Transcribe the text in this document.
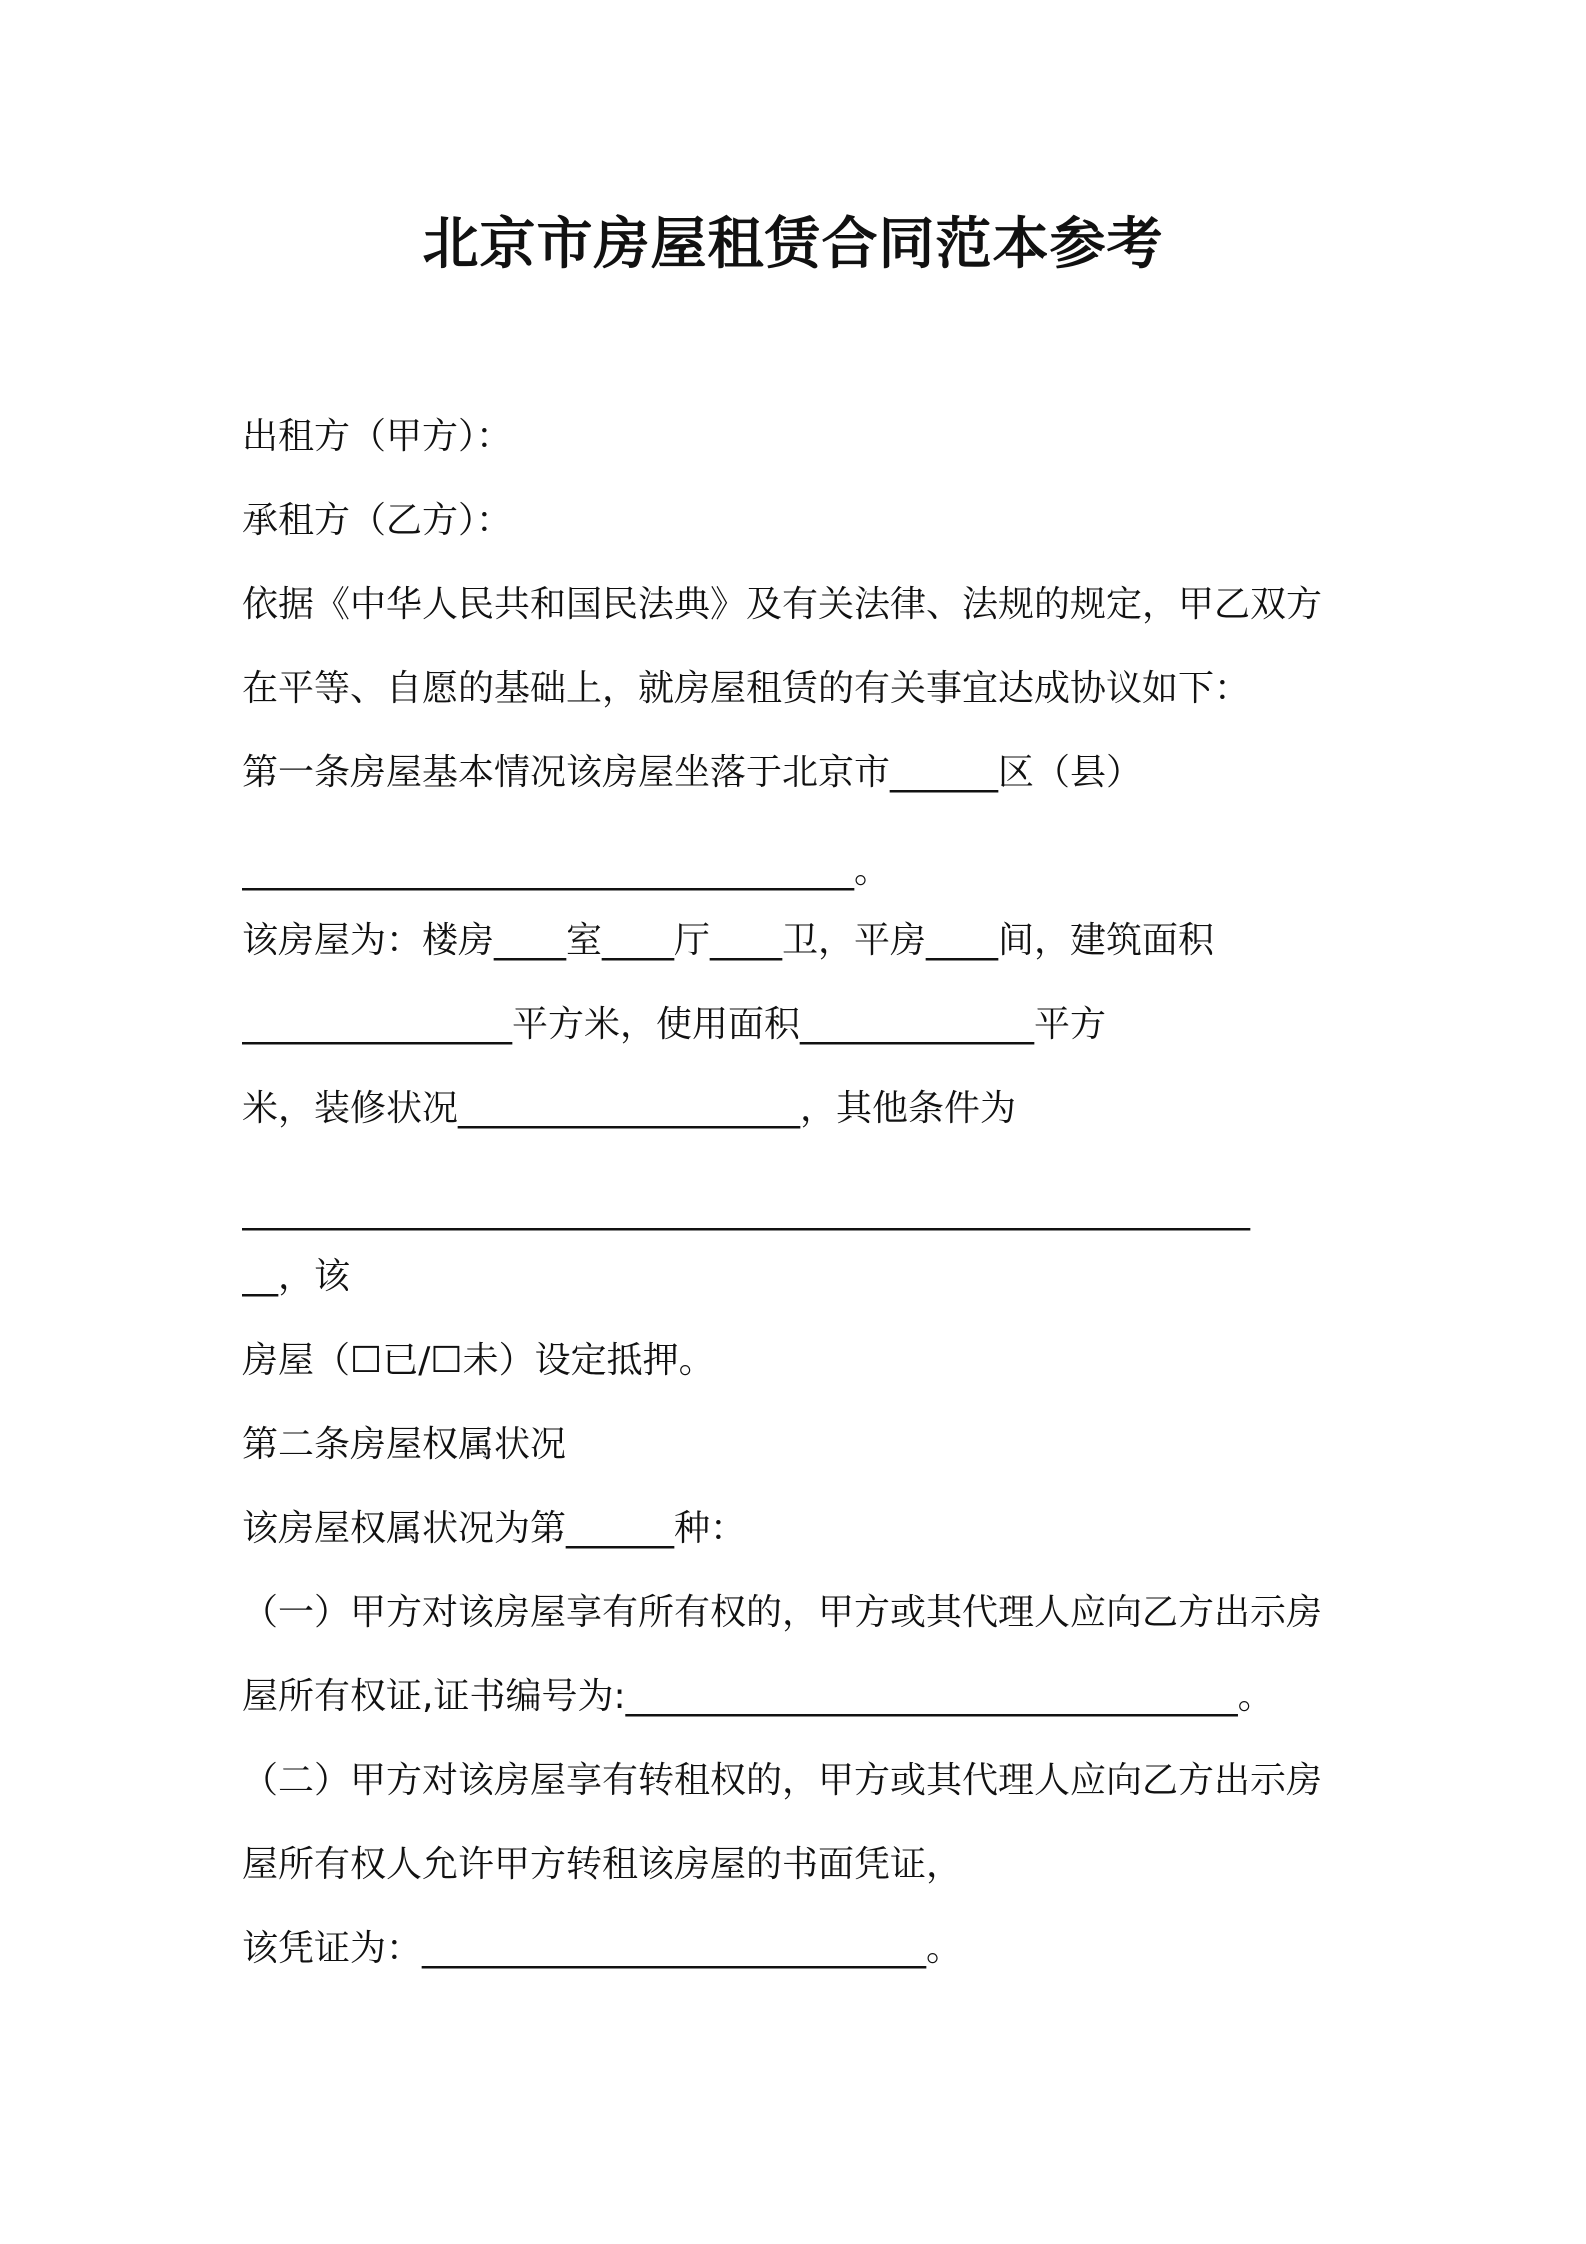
北京市房屋租赁合同范本参考
出租方（甲方）：
承租方（乙方）：
依据《中华人民共和国民法典》及有关法律、法规的规定，甲乙双方
在平等、自愿的基础上，就房屋租赁的有关事宜达成协议如下：
第一条房屋基本情况该房屋坐落于北京市______区（县）
__________________________________。
该房屋为：楼房____室____厅____卫，平房____间，建筑面积
_______________平方米，使用面积_____________平方
米，装修状况___________________，其他条件为
________________________________________________________
__，该
房屋（☐已/☐未）设定抵押。
第二条房屋权属状况
该房屋权属状况为第______种：
（一）甲方对该房屋享有所有权的，甲方或其代理人应向乙方出示房
屋所有权证,证书编号为:__________________________________。
（二）甲方对该房屋享有转租权的，甲方或其代理人应向乙方出示房
屋所有权人允许甲方转租该房屋的书面凭证，
该凭证为：____________________________。
